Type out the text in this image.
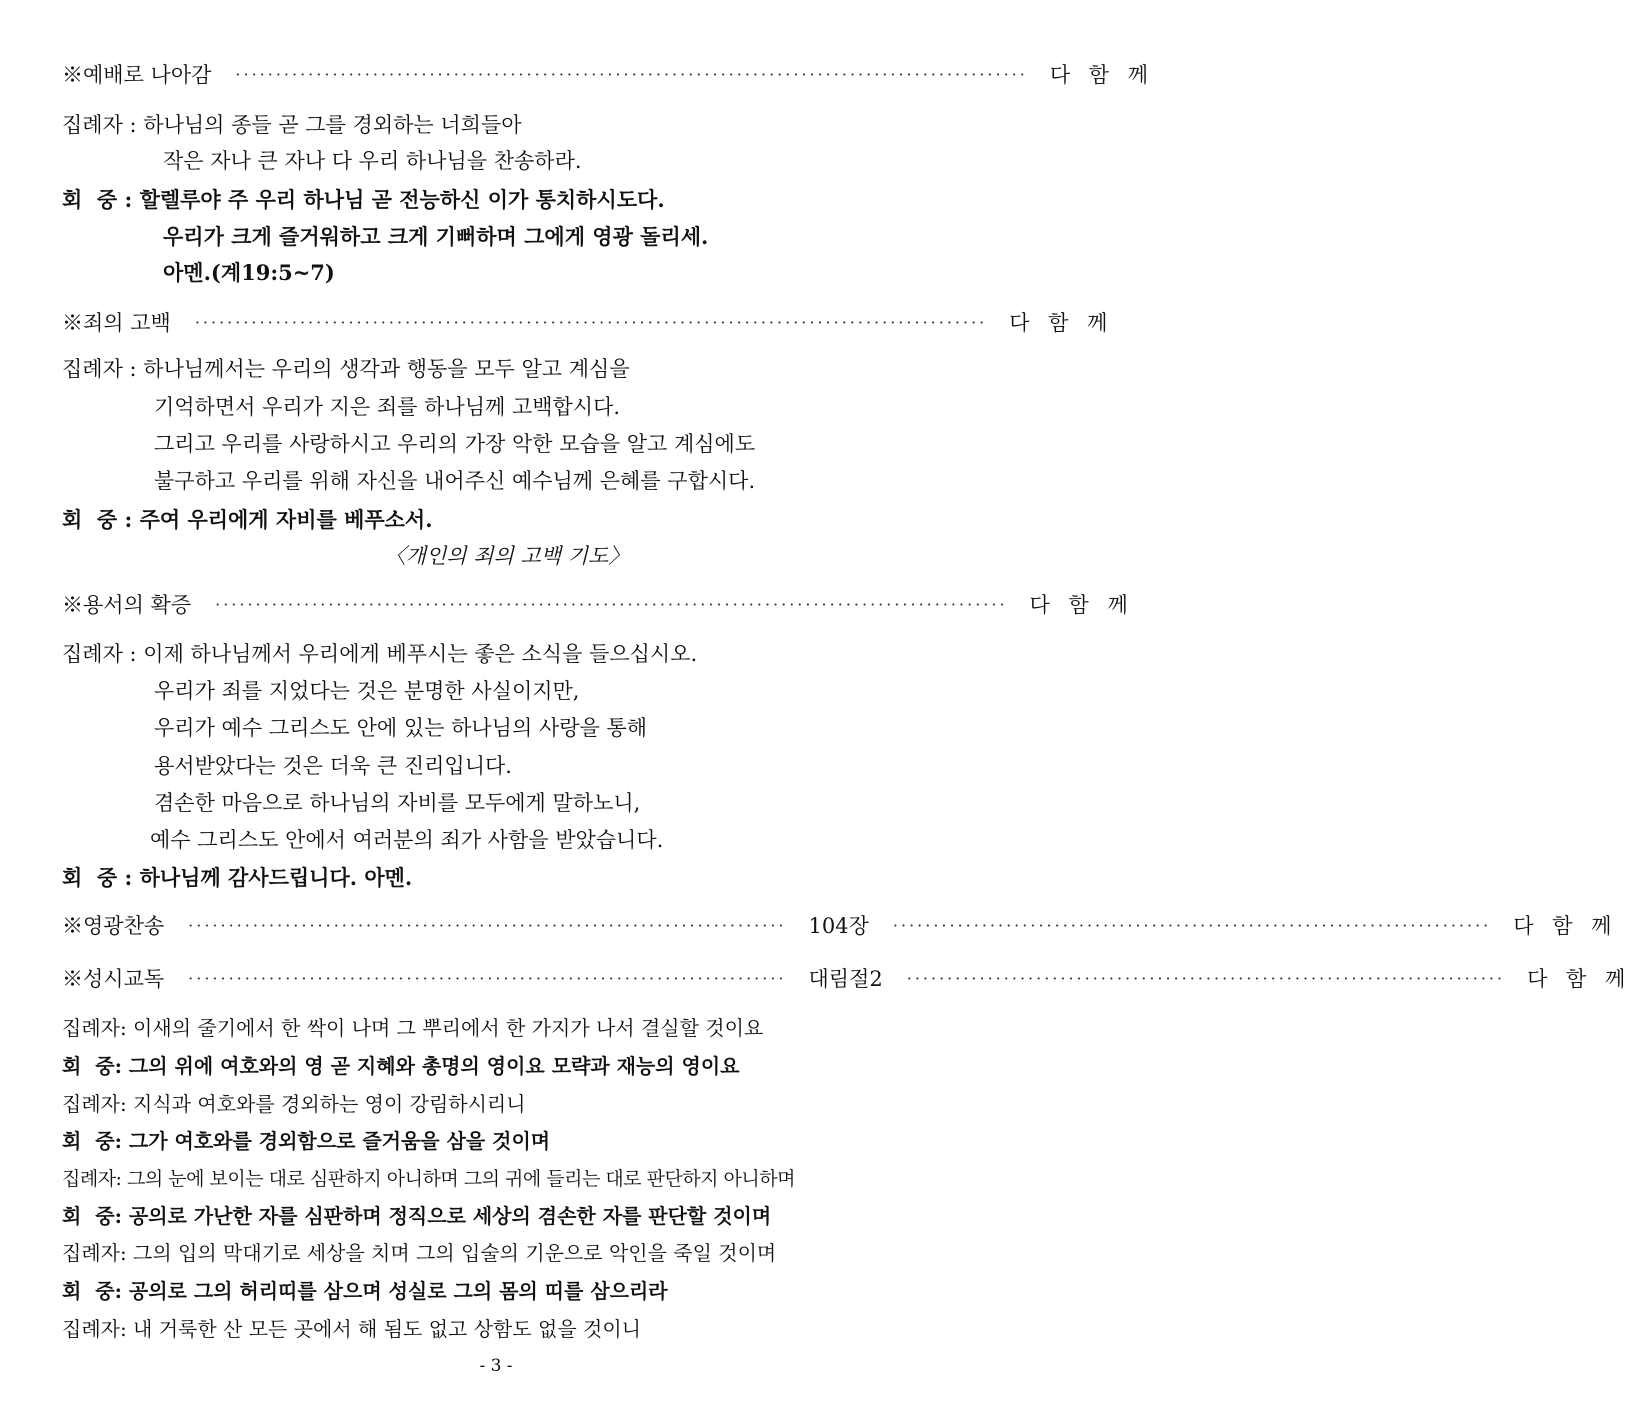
※예배로 나아감 ·································································································· 다 함 께
집례자 : 하나님의 종들 곧 그를 경외하는 너희들아
작은 자나 큰 자나 다 우리 하나님을 찬송하라.
회  중 : 할렐루야 주 우리 하나님 곧 전능하신 이가 통치하시도다.
우리가 크게 즐거워하고 크게 기뻐하며 그에게 영광 돌리세.
아멘.(계19:5~7)
※죄의 고백 ·································································································· 다 함 께
집례자 : 하나님께서는 우리의 생각과 행동을 모두 알고 계심을
기억하면서 우리가 지은 죄를 하나님께 고백합시다.
그리고 우리를 사랑하시고 우리의 가장 악한 모습을 알고 계심에도
불구하고 우리를 위해 자신을 내어주신 예수님께 은혜를 구합시다.
회  중 : 주여 우리에게 자비를 베푸소서.
〈개인의 죄의 고백 기도〉
※용서의 확증 ·································································································· 다 함 께
집례자 : 이제 하나님께서 우리에게 베푸시는 좋은 소식을 들으십시오.
우리가 죄를 지었다는 것은 분명한 사실이지만,
우리가 예수 그리스도 안에 있는 하나님의 사랑을 통해
용서받았다는 것은 더욱 큰 진리입니다.
겸손한 마음으로 하나님의 자비를 모두에게 말하노니,
예수 그리스도 안에서 여러분의 죄가 사함을 받았습니다.
회  중 : 하나님께 감사드립니다. 아멘.
※영광찬송 ·········································································· 104장 ·········································································· 다 함 께
※성시교독 ·········································································· 대림절2 ·········································································· 다 함 께
집례자: 이새의 줄기에서 한 싹이 나며 그 뿌리에서 한 가지가 나서 결실할 것이요
회  중: 그의 위에 여호와의 영 곧 지혜와 총명의 영이요 모략과 재능의 영이요
집례자: 지식과 여호와를 경외하는 영이 강림하시리니
회  중: 그가 여호와를 경외함으로 즐거움을 삼을 것이며
집례자: 그의 눈에 보이는 대로 심판하지 아니하며 그의 귀에 들리는 대로 판단하지 아니하며
회  중: 공의로 가난한 자를 심판하며 정직으로 세상의 겸손한 자를 판단할 것이며
집례자: 그의 입의 막대기로 세상을 치며 그의 입술의 기운으로 악인을 죽일 것이며
회  중: 공의로 그의 허리띠를 삼으며 성실로 그의 몸의 띠를 삼으리라
집례자: 내 거룩한 산 모든 곳에서 해 됨도 없고 상함도 없을 것이니
- 3 -
